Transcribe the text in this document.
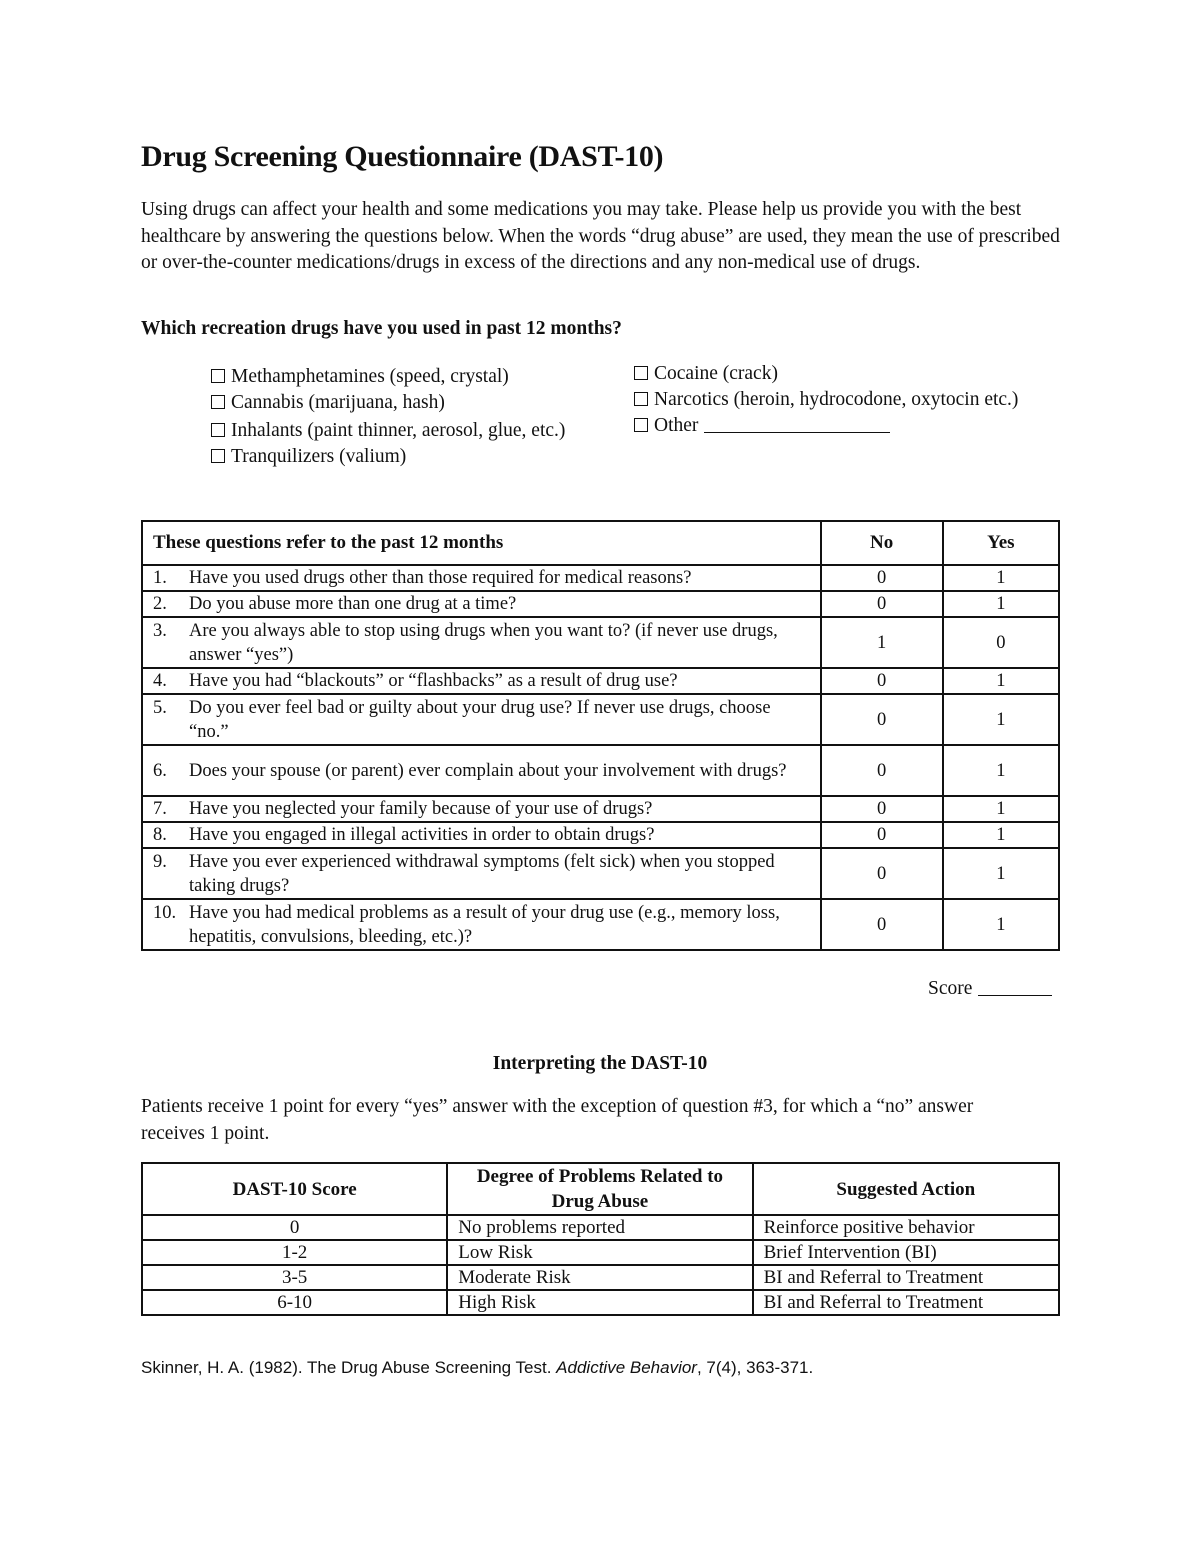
Drug Screening Questionnaire (DAST-10)

Using drugs can affect your health and some medications you may take. Please help us provide you with the best healthcare by answering the questions below. When the words “drug abuse” are used, they mean the use of prescribed or over-the-counter medications/drugs in excess of the directions and any non-medical use of drugs.

Which recreation drugs have you used in past 12 months?
Methamphetamines (speed, crystal)
Cannabis (marijuana, hash)
Inhalants (paint thinner, aerosol, glue, etc.)
Tranquilizers (valium)
Cocaine (crack)
Narcotics (heroin, hydrocodone, oxytocin etc.)
Other
These questions refer to the past 12 months	No	Yes
1. Have you used drugs other than those required for medical reasons?	0	1
2. Do you abuse more than one drug at a time?	0	1
3. Are you always able to stop using drugs when you want to? (if never use drugs, answer “yes”)	1	0
4. Have you had “blackouts” or “flashbacks” as a result of drug use?	0	1
5. Do you ever feel bad or guilty about your drug use? If never use drugs, choose “no.”	0	1
6. Does your spouse (or parent) ever complain about your involvement with drugs?	0	1
7. Have you neglected your family because of your use of drugs?	0	1
8. Have you engaged in illegal activities in order to obtain drugs?	0	1
9. Have you ever experienced withdrawal symptoms (felt sick) when you stopped taking drugs?	0	1
10. Have you had medical problems as a result of your drug use (e.g., memory loss, hepatitis, convulsions, bleeding, etc.)?	0	1
Score
Interpreting the DAST-10
Patients receive 1 point for every “yes” answer with the exception of question #3, for which a “no” answer receives 1 point.
DAST-10 Score	Degree of Problems Related to Drug Abuse	Suggested Action
0	No problems reported	Reinforce positive behavior
1-2	Low Risk	Brief Intervention (BI)
3-5	Moderate Risk	BI and Referral to Treatment
6-10	High Risk	BI and Referral to Treatment
Skinner, H. A. (1982). The Drug Abuse Screening Test. Addictive Behavior, 7(4), 363-371.
